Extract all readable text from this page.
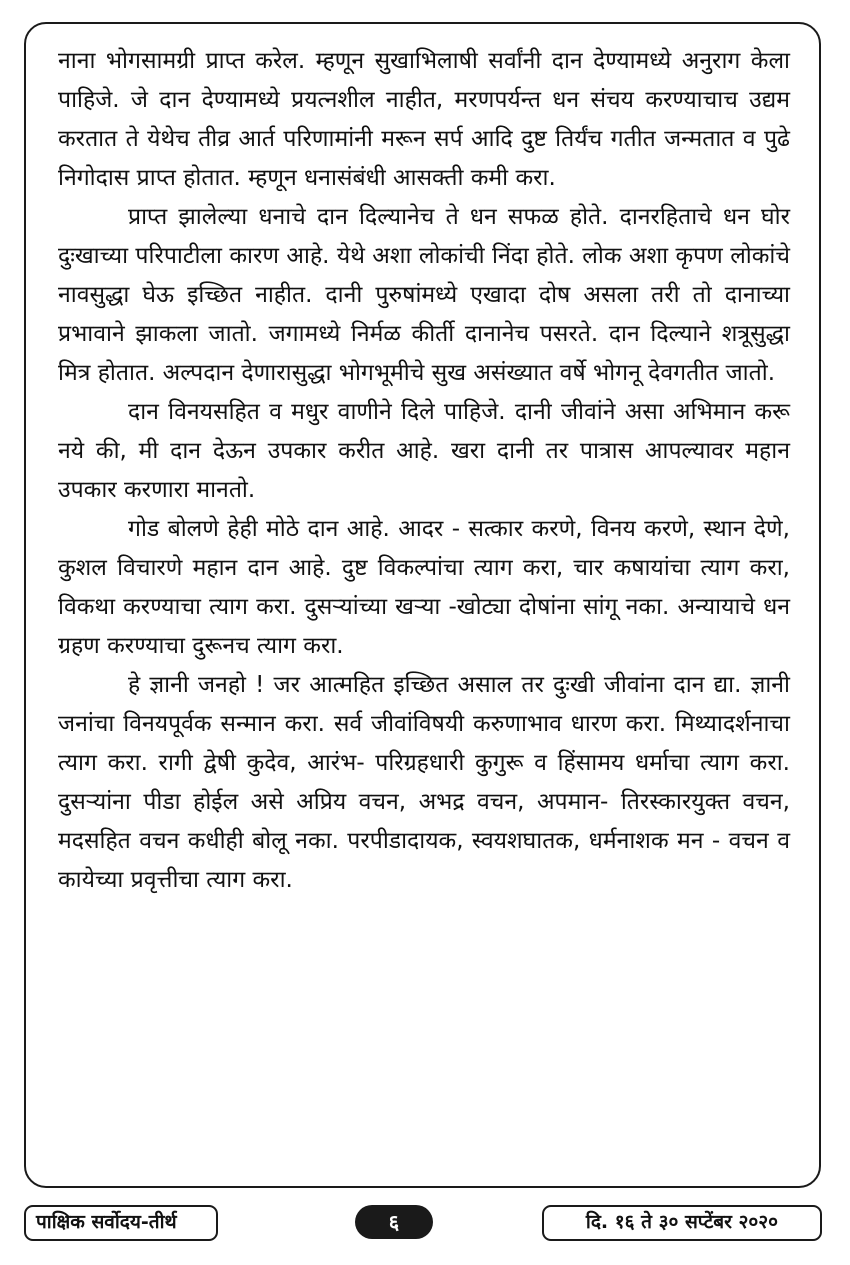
नाना भोगसामग्री प्राप्त करेल. म्हणून सुखाभिलाषी सर्वांनी दान देण्यामध्ये अनुराग केला पाहिजे. जे दान देण्यामध्ये प्रयत्नशील नाहीत, मरणपर्यन्त धन संचय करण्याचाच उद्यम करतात ते येथेच तीव्र आर्त परिणामांनी मरून सर्प आदि दुष्ट तिर्यंच गतीत जन्मतात व पुढे निगोदास प्राप्त होतात. म्हणून धनासंबंधी आसक्ती कमी करा.

प्राप्त झालेल्या धनाचे दान दिल्यानेच ते धन सफळ होते. दानरहिताचे धन घोर दुःखाच्या परिपाटीला कारण आहे. येथे अशा लोकांची निंदा होते. लोक अशा कृपण लोकांचे नावसुद्धा घेऊ इच्छित नाहीत. दानी पुरुषांमध्ये एखादा दोष असला तरी तो दानाच्या प्रभावाने झाकला जातो. जगामध्ये निर्मळ कीर्ती दानानेच पसरते. दान दिल्याने शत्रूसुद्धा मित्र होतात. अल्पदान देणारासुद्धा भोगभूमीचे सुख असंख्यात वर्षे भोगनू देवगतीत जातो.

दान विनयसहित व मधुर वाणीने दिले पाहिजे. दानी जीवांने असा अभिमान करू नये की, मी दान देऊन उपकार करीत आहे. खरा दानी तर पात्रास आपल्यावर महान उपकार करणारा मानतो.

गोड बोलणे हेही मोठे दान आहे. आदर - सत्कार करणे, विनय करणे, स्थान देणे, कुशल विचारणे महान दान आहे. दुष्ट विकल्पांचा त्याग करा, चार कषायांचा त्याग करा, विकथा करण्याचा त्याग करा. दुसऱ्यांच्या खऱ्या -खोट्या दोषांना सांगू नका. अन्यायाचे धन ग्रहण करण्याचा दुरूनच त्याग करा.

हे ज्ञानी जनहो ! जर आत्महित इच्छित असाल तर दुःखी जीवांना दान द्या. ज्ञानी जनांचा विनयपूर्वक सन्मान करा. सर्व जीवांविषयी करुणाभाव धारण करा. मिथ्यादर्शनाचा त्याग करा. रागी द्वेषी कुदेव, आरंभ- परिग्रहधारी कुगुरू व हिंसामय धर्माचा त्याग करा. दुसऱ्यांना पीडा होईल असे अप्रिय वचन, अभद्र वचन, अपमान- तिरस्कारयुक्त वचन, मदसहित वचन कधीही बोलू नका. परपीडादायक, स्वयशघातक, धर्मनाशक मन - वचन व कायेच्या प्रवृत्तीचा त्याग करा.

पाक्षिक सर्वोदय-तीर्थ	६	दि. १६ ते ३० सप्टेंबर २०२०
